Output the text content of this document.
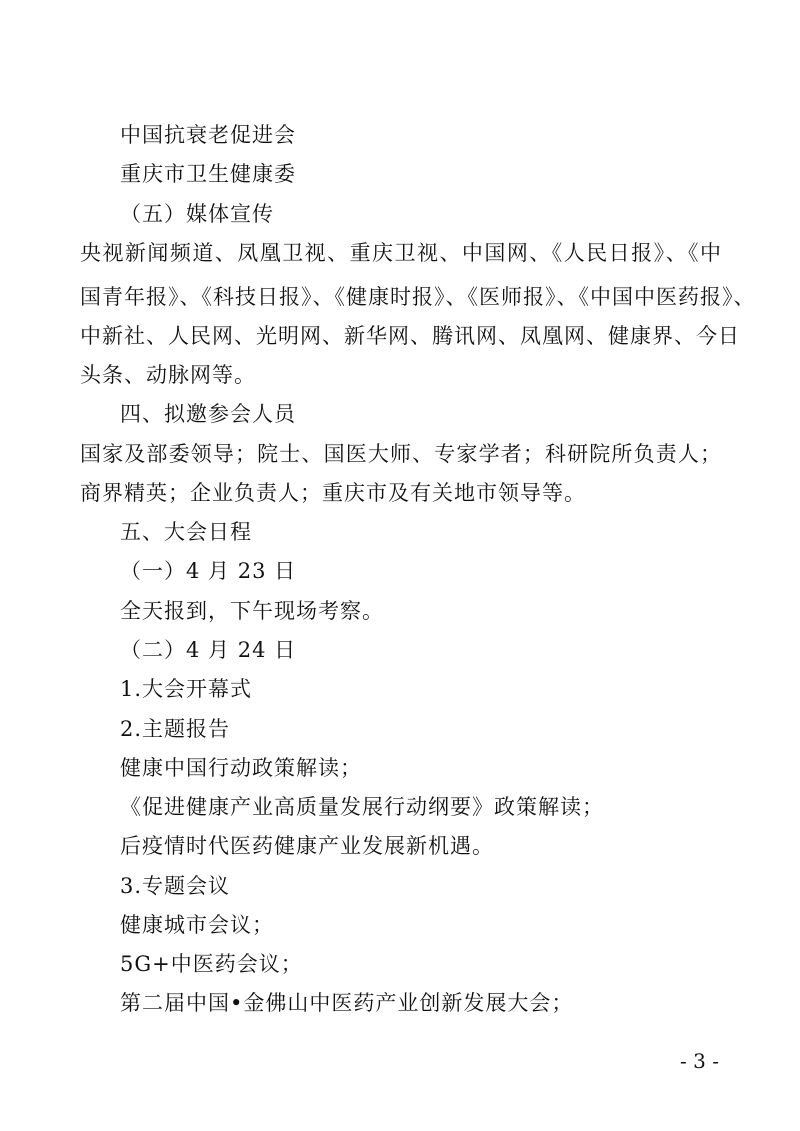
中国抗衰老促进会
重庆市卫生健康委
（五）媒体宣传
央视新闻频道、凤凰卫视、重庆卫视、中国网、《人民日报》、《中
国青年报》、《科技日报》、《健康时报》、《医师报》、《中国中医药报》、
中新社、人民网、光明网、新华网、腾讯网、凤凰网、健康界、今日
头条、动脉网等。
四、拟邀参会人员
国家及部委领导；院士、国医大师、专家学者；科研院所负责人；
商界精英；企业负责人；重庆市及有关地市领导等。
五、大会日程
（一）4 月 23 日
全天报到，下午现场考察。
（二）4 月 24 日
1.大会开幕式
2.主题报告
健康中国行动政策解读；
《促进健康产业高质量发展行动纲要》政策解读；
后疫情时代医药健康产业发展新机遇。
3.专题会议
健康城市会议；
5G+中医药会议；
第二届中国•金佛山中医药产业创新发展大会；
- 3 -
